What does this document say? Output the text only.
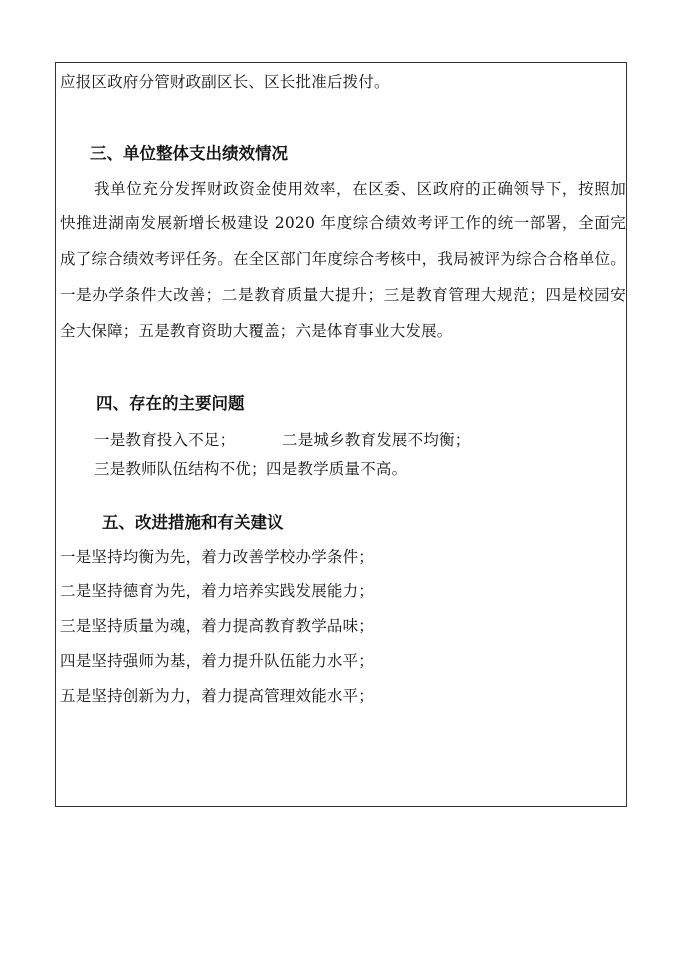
应报区政府分管财政副区长、区长批准后拨付。
三、单位整体支出绩效情况
我单位充分发挥财政资金使用效率，在区委、区政府的正确领导下，按照加
快推进湖南发展新增长极建设 2020 年度综合绩效考评工作的统一部署，全面完
成了综合绩效考评任务。在全区部门年度综合考核中，我局被评为综合合格单位。
一是办学条件大改善；二是教育质量大提升；三是教育管理大规范；四是校园安
全大保障；五是教育资助大覆盖；六是体育事业大发展。
四、存在的主要问题
一是教育投入不足；	二是城乡教育发展不均衡；
三是教师队伍结构不优； 四是教学质量不高。
五、改进措施和有关建议
一是坚持均衡为先，着力改善学校办学条件；
二是坚持德育为先，着力培养实践发展能力；
三是坚持质量为魂，着力提高教育教学品味；
四是坚持强师为基，着力提升队伍能力水平；
五是坚持创新为力，着力提高管理效能水平；
